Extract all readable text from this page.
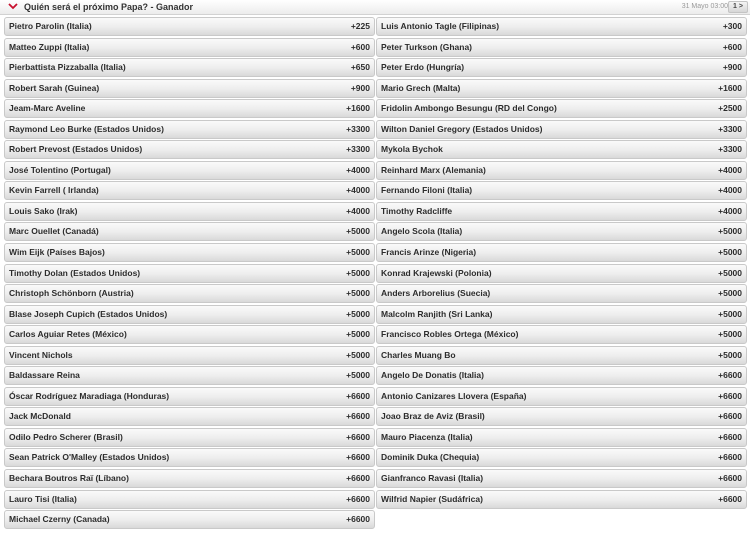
Quién será el próximo Papa? - Ganador	31 Mayo 03:00 1 >
Pietro Parolin (Italia)	+225
Matteo Zuppi (Italia)	+600
Pierbattista Pizzaballa (Italia)	+650
Robert Sarah (Guinea)	+900
Jeam-Marc Aveline	+1600
Raymond Leo Burke (Estados Unidos)	+3300
Robert Prevost (Estados Unidos)	+3300
José Tolentino (Portugal)	+4000
Kevin Farrell ( Irlanda)	+4000
Louis Sako (Irak)	+4000
Marc Ouellet (Canadá)	+5000
Wim Eijk (Países Bajos)	+5000
Timothy Dolan (Estados Unidos)	+5000
Christoph Schönborn (Austria)	+5000
Blase Joseph Cupich (Estados Unidos)	+5000
Carlos Aguiar Retes (México)	+5000
Vincent Nichols	+5000
Baldassare Reina	+5000
Óscar Rodríguez Maradiaga (Honduras)	+6600
Jack McDonald	+6600
Odilo Pedro Scherer (Brasil)	+6600
Sean Patrick O'Malley (Estados Unidos)	+6600
Bechara Boutros Raï (Líbano)	+6600
Lauro Tisi (Italia)	+6600
Michael Czerny (Canada)	+6600
Luis Antonio Tagle (Filipinas)	+300
Peter Turkson (Ghana)	+600
Peter Erdo (Hungría)	+900
Mario Grech (Malta)	+1600
Fridolin Ambongo Besungu (RD del Congo)	+2500
Wilton Daniel Gregory (Estados Unidos)	+3300
Mykola Bychok	+3300
Reinhard Marx (Alemania)	+4000
Fernando Filoni (Italia)	+4000
Timothy Radcliffe	+4000
Angelo Scola (Italia)	+5000
Francis Arinze (Nigeria)	+5000
Konrad Krajewski (Polonia)	+5000
Anders Arborelius (Suecia)	+5000
Malcolm Ranjith (Sri Lanka)	+5000
Francisco Robles Ortega (México)	+5000
Charles Muang Bo	+5000
Angelo De Donatis (Italia)	+6600
Antonio Canizares Llovera (España)	+6600
Joao Braz de Aviz (Brasil)	+6600
Mauro Piacenza (Italia)	+6600
Dominik Duka (Chequia)	+6600
Gianfranco Ravasi (Italia)	+6600
Wilfrid Napier (Sudáfrica)	+6600
